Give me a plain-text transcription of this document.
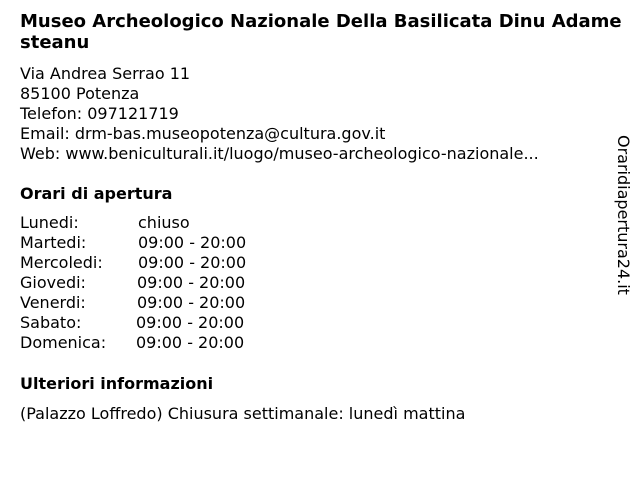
Museo Archeologico Nazionale Della Basilicata Dinu Adamesteanu
Via Andrea Serrao 11
85100 Potenza
Telefon: 097121719
Email: drm-bas.museopotenza@cultura.gov.it
Web: www.beniculturali.it/luogo/museo-archeologico-nazionale...
Orari di apertura
Lunedi:	chiuso
Martedi:	09:00 - 20:00
Mercoledi: 09:00 - 20:00
Giovedi:	09:00 - 20:00
Venerdi:	09:00 - 20:00
Sabato:	09:00 - 20:00
Domenica: 09:00 - 20:00
Ulteriori informazioni
(Palazzo Loffredo) Chiusura settimanale: lunedì mattina
Oraridiapertura24.it
